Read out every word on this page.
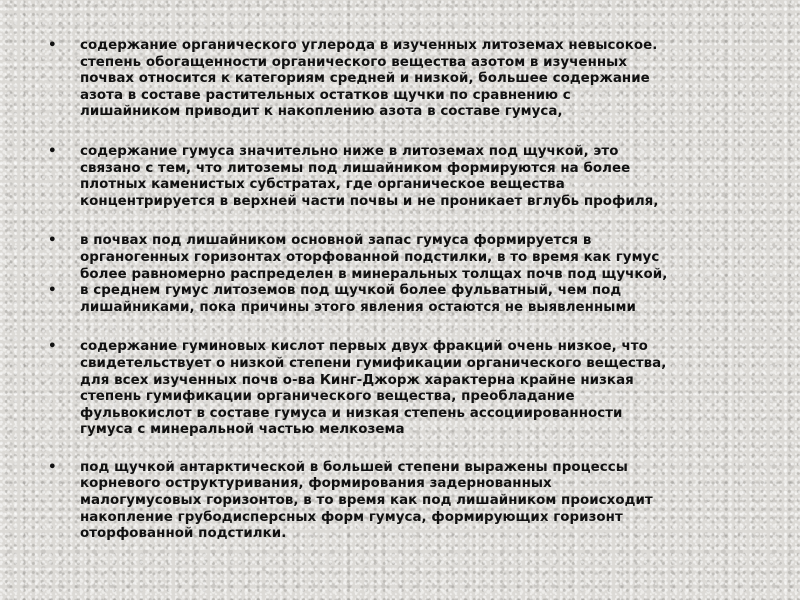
•	содержание органического углерода в изученных литоземах невысокое.
степень обогащенности органического вещества азотом в изученных
почвах относится к категориям средней и низкой, большее содержание
азота в составе растительных остатков щучки по сравнению с
лишайником приводит к накоплению азота в составе гумуса,
•	содержание гумуса значительно ниже в литоземах под щучкой, это
связано с тем, что литоземы под лишайником формируются на более
плотных каменистых субстратах, где органическое вещества
концентрируется в верхней части почвы и не проникает вглубь профиля,
•	в почвах под лишайником основной запас гумуса формируется в
органогенных горизонтах оторфованной подстилки, в то время как гумус
более равномерно распределен в минеральных толщах почв под щучкой,
•	в среднем гумус литоземов под щучкой более фульватный, чем под
лишайниками, пока причины этого явления остаются не выявленными
•	содержание гуминовых кислот первых двух фракций очень низкое, что
свидетельствует о низкой степени гумификации органического вещества,
для всех изученных почв о-ва Кинг-Джорж характерна крайне низкая
степень гумификации органического вещества, преобладание
фульвокислот в составе гумуса и низкая степень ассоциированности
гумуса с минеральной частью мелкозема
•	под щучкой антарктической в большей степени выражены процессы
корневого оструктуривания, формирования задернованных
малогумусовых горизонтов, в то время как под лишайником происходит
накопление грубодисперсных форм гумуса, формирующих горизонт
оторфованной подстилки.
